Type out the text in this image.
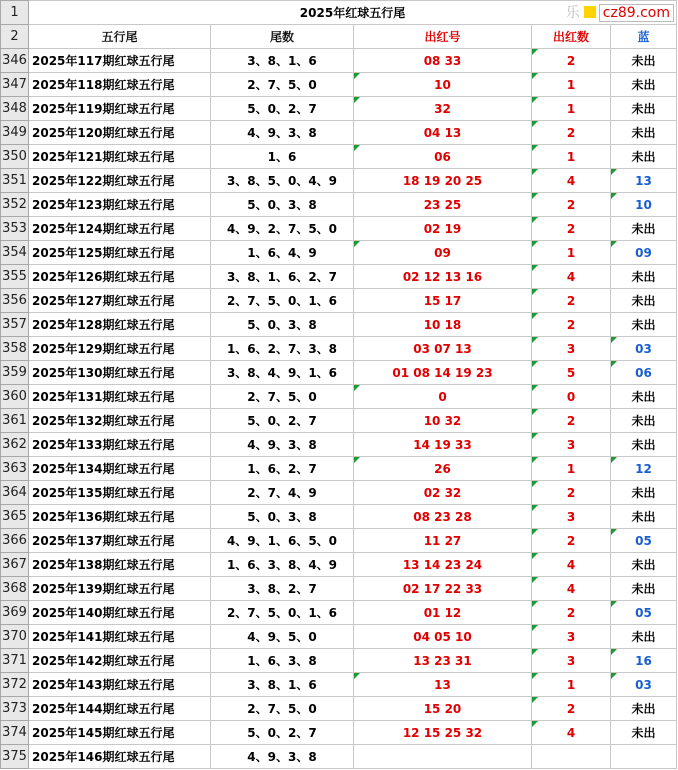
1	2025年红球五行尾 乐 cz89.com				

2	五行尾	尾数	出红号	出红数	蓝
346	2025年117期红球五行尾	3、8、1、6	08 33	2	未出
347	2025年118期红球五行尾	2、7、5、0	10	1	未出
348	2025年119期红球五行尾	5、0、2、7	32	1	未出
349	2025年120期红球五行尾	4、9、3、8	04 13	2	未出
350	2025年121期红球五行尾	1、6	06	1	未出
351	2025年122期红球五行尾	3、8、5、0、4、9	18 19 20 25	4	13

352	2025年123期红球五行尾	5、0、3、8	23 25	2	10

353	2025年124期红球五行尾	4、9、2、7、5、0	02 19	2	未出
354	2025年125期红球五行尾	1、6、4、9	09	1	09

355	2025年126期红球五行尾	3、8、1、6、2、7	02 12 13 16	4	未出
356	2025年127期红球五行尾	2、7、5、0、1、6	15 17	2	未出
357	2025年128期红球五行尾	5、0、3、8	10 18	2	未出
358	2025年129期红球五行尾	1、6、2、7、3、8	03 07 13	3	03

359	2025年130期红球五行尾	3、8、4、9、1、6	01 08 14 19 23	5	06

360	2025年131期红球五行尾	2、7、5、0	0	0	未出
361	2025年132期红球五行尾	5、0、2、7	10 32	2	未出
362	2025年133期红球五行尾	4、9、3、8	14 19 33	3	未出
363	2025年134期红球五行尾	1、6、2、7	26	1	12

364	2025年135期红球五行尾	2、7、4、9	02 32	2	未出
365	2025年136期红球五行尾	5、0、3、8	08 23 28	3	未出
366	2025年137期红球五行尾	4、9、1、6、5、0	11 27	2	05

367	2025年138期红球五行尾	1、6、3、8、4、9	13 14 23 24	4	未出
368	2025年139期红球五行尾	3、8、2、7	02 17 22 33	4	未出
369	2025年140期红球五行尾	2、7、5、0、1、6	01 12	2	05

370	2025年141期红球五行尾	4、9、5、0	04 05 10	3	未出
371	2025年142期红球五行尾	1、6、3、8	13 23 31	3	16

372	2025年143期红球五行尾	3、8、1、6	13	1	03

373	2025年144期红球五行尾	2、7、5、0	15 20	2	未出
374	2025年145期红球五行尾	5、0、2、7	12 15 25 32	4	未出
375	2025年146期红球五行尾	4、9、3、8			
